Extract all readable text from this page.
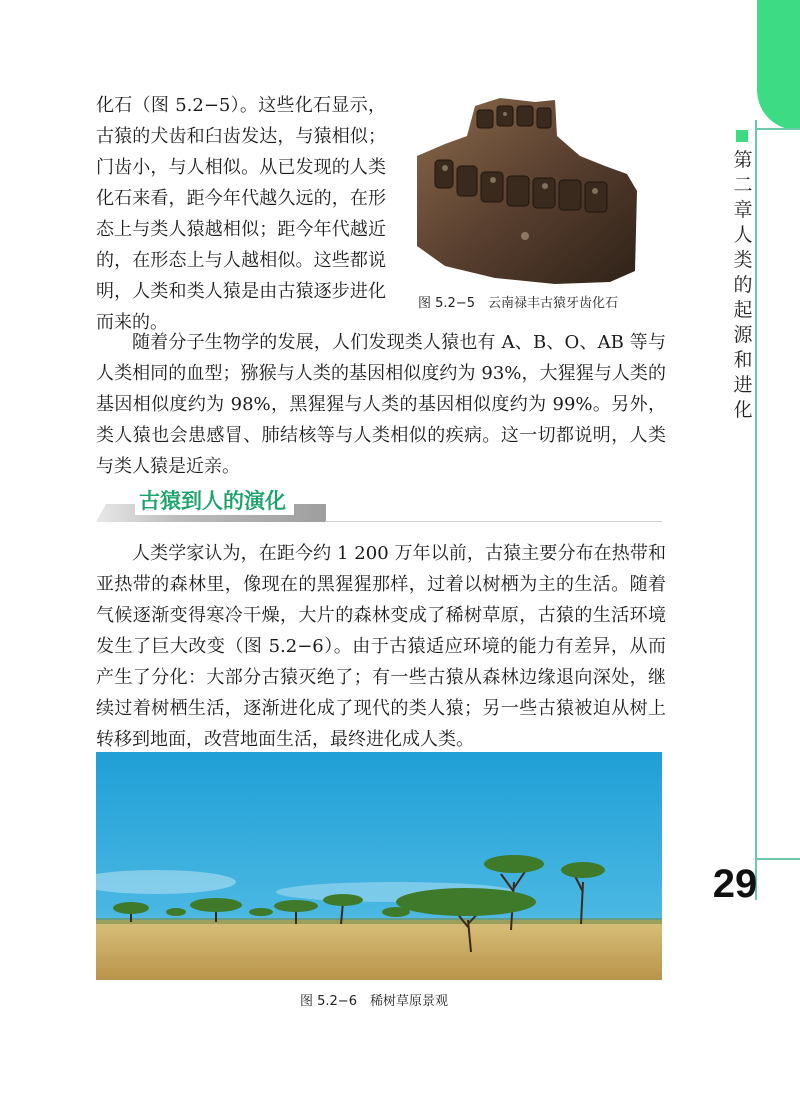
第二章 人类的起源和进化
29

化石（图 5.2−5）。这些化石显示，古猿的犬齿和臼齿发达，与猿相似；门齿小，与人相似。从已发现的人类化石来看，距今年代越久远的，在形态上与类人猿越相似；距今年代越近的，在形态上与人越相似。这些都说明，人类和类人猿是由古猿逐步进化而来的。

图 5.2−5　云南禄丰古猿牙齿化石

随着分子生物学的发展，人们发现类人猿也有 A、B、O、AB 等与人类相同的血型；猕猴与人类的基因相似度约为 93%，大猩猩与人类的基因相似度约为 98%，黑猩猩与人类的基因相似度约为 99%。另外，类人猿也会患感冒、肺结核等与人类相似的疾病。这一切都说明，人类与类人猿是近亲。

古猿到人的演化

人类学家认为，在距今约 1 200 万年以前，古猿主要分布在热带和亚热带的森林里，像现在的黑猩猩那样，过着以树栖为主的生活。随着气候逐渐变得寒冷干燥，大片的森林变成了稀树草原，古猿的生活环境发生了巨大改变（图 5.2−6）。由于古猿适应环境的能力有差异，从而产生了分化：大部分古猿灭绝了；有一些古猿从森林边缘退向深处，继续过着树栖生活，逐渐进化成了现代的类人猿；另一些古猿被迫从树上转移到地面，改营地面生活，最终进化成人类。

图 5.2−6　稀树草原景观
